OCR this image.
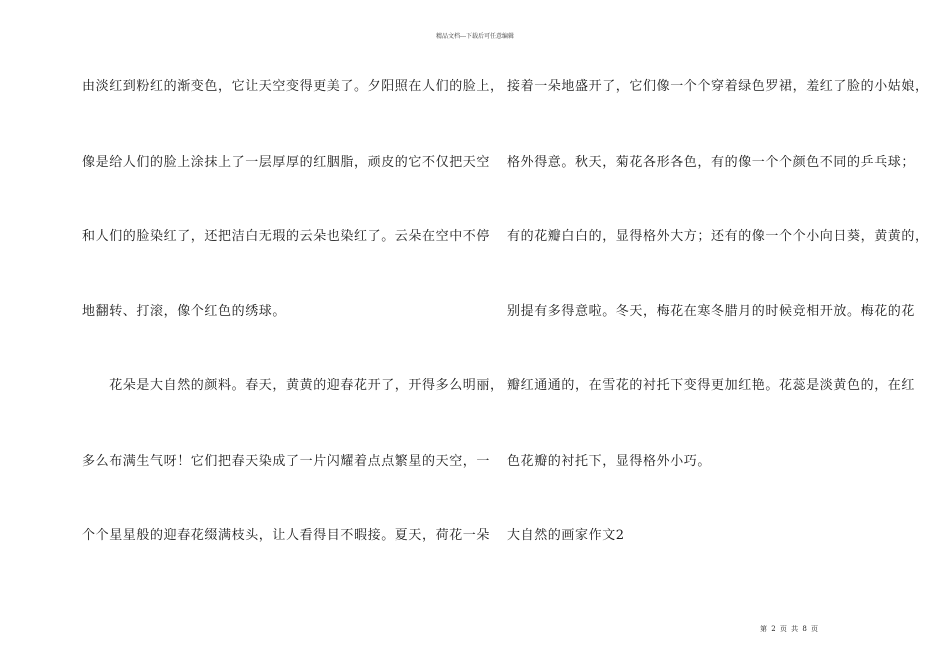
精品文档---下载后可任意编辑
由淡红到粉红的渐变色，它让天空变得更美了。夕阳照在人们的脸上，
像是给人们的脸上涂抹上了一层厚厚的红胭脂，顽皮的它不仅把天空
和人们的脸染红了，还把洁白无瑕的云朵也染红了。云朵在空中不停
地翻转、打滚，像个红色的绣球。
　　花朵是大自然的颜料。春天，黄黄的迎春花开了，开得多么明丽，
多么布满生气呀！它们把春天染成了一片闪耀着点点繁星的天空，一
个个星星般的迎春花缀满枝头，让人看得目不暇接。夏天，荷花一朵
接着一朵地盛开了，它们像一个个穿着绿色罗裙，羞红了脸的小姑娘，
格外得意。秋天，菊花各形各色，有的像一个个颜色不同的乒乓球；
有的花瓣白白的，显得格外大方；还有的像一个个小向日葵，黄黄的，
别提有多得意啦。冬天，梅花在寒冬腊月的时候竞相开放。梅花的花
瓣红通通的，在雪花的衬托下变得更加红艳。花蕊是淡黄色的，在红
色花瓣的衬托下，显得格外小巧。
大自然的画家作文2
第 2 页 共 8 页
